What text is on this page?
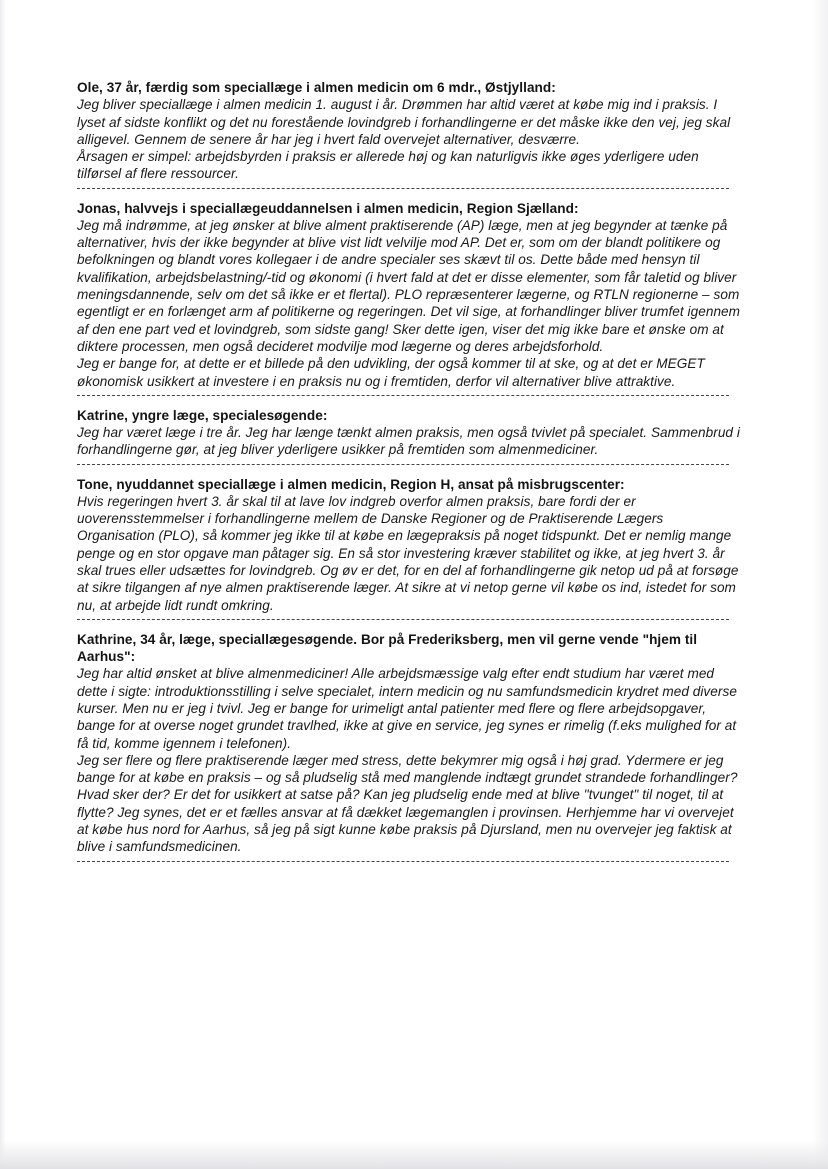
Ole, 37 år, færdig som speciallæge i almen medicin om 6 mdr., Østjylland:

Jeg bliver speciallæge i almen medicin 1. august i år. Drømmen har altid været at købe mig ind i praksis. I lyset af sidste konflikt og det nu forestående lovindgreb i forhandlingerne er det måske ikke den vej, jeg skal alligevel. Gennem de senere år har jeg i hvert fald overvejet alternativer, desværre.

Årsagen er simpel: arbejdsbyrden i praksis er allerede høj og kan naturligvis ikke øges yderligere uden tilførsel af flere ressourcer.

Jonas, halvvejs i speciallægeuddannelsen i almen medicin, Region Sjælland:

Jeg må indrømme, at jeg ønsker at blive alment praktiserende (AP) læge, men at jeg begynder at tænke på alternativer, hvis der ikke begynder at blive vist lidt velvilje mod AP. Det er, som om der blandt politikere og befolkningen og blandt vores kollegaer i de andre specialer ses skævt til os. Dette både med hensyn til kvalifikation, arbejdsbelastning/-tid og økonomi (i hvert fald at det er disse elementer, som får taletid og bliver meningsdannende, selv om det så ikke er et flertal). PLO repræsenterer lægerne, og RTLN regionerne – som egentligt er en forlænget arm af politikerne og regeringen. Det vil sige, at forhandlinger bliver trumfet igennem af den ene part ved et lovindgreb, som sidste gang! Sker dette igen, viser det mig ikke bare et ønske om at diktere processen, men også decideret modvilje mod lægerne og deres arbejdsforhold.

Jeg er bange for, at dette er et billede på den udvikling, der også kommer til at ske, og at det er MEGET økonomisk usikkert at investere i en praksis nu og i fremtiden, derfor vil alternativer blive attraktive.

Katrine, yngre læge, specialesøgende:

Jeg har været læge i tre år. Jeg har længe tænkt almen praksis, men også tvivlet på specialet. Sammenbrud i forhandlingerne gør, at jeg bliver yderligere usikker på fremtiden som almenmediciner.

Tone, nyuddannet speciallæge i almen medicin, Region H, ansat på misbrugscenter:

Hvis regeringen hvert 3. år skal til at lave lov indgreb overfor almen praksis, bare fordi der er uoverensstemmelser i forhandlingerne mellem de Danske Regioner og de Praktiserende Lægers Organisation (PLO), så kommer jeg ikke til at købe en lægepraksis på noget tidspunkt. Det er nemlig mange penge og en stor opgave man påtager sig. En så stor investering kræver stabilitet og ikke, at jeg hvert 3. år skal trues eller udsættes for lovindgreb. Og øv er det, for en del af forhandlingerne gik netop ud på at forsøge at sikre tilgangen af nye almen praktiserende læger. At sikre at vi netop gerne vil købe os ind, istedet for som nu, at arbejde lidt rundt omkring.

Kathrine, 34 år, læge, speciallægesøgende. Bor på Frederiksberg, men vil gerne vende "hjem til Aarhus":

Jeg har altid ønsket at blive almenmediciner! Alle arbejdsmæssige valg efter endt studium har været med dette i sigte: introduktionsstilling i selve specialet, intern medicin og nu samfundsmedicin krydret med diverse kurser. Men nu er jeg i tvivl. Jeg er bange for urimeligt antal patienter med flere og flere arbejdsopgaver, bange for at overse noget grundet travlhed, ikke at give en service, jeg synes er rimelig (f.eks mulighed for at få tid, komme igennem i telefonen).

Jeg ser flere og flere praktiserende læger med stress, dette bekymrer mig også i høj grad. Ydermere er jeg bange for at købe en praksis – og så pludselig stå med manglende indtægt grundet strandede forhandlinger? Hvad sker der? Er det for usikkert at satse på? Kan jeg pludselig ende med at blive "tvunget" til noget, til at flytte? Jeg synes, det er et fælles ansvar at få dækket lægemanglen i provinsen. Herhjemme har vi overvejet at købe hus nord for Aarhus, så jeg på sigt kunne købe praksis på Djursland, men nu overvejer jeg faktisk at blive i samfundsmedicinen.
